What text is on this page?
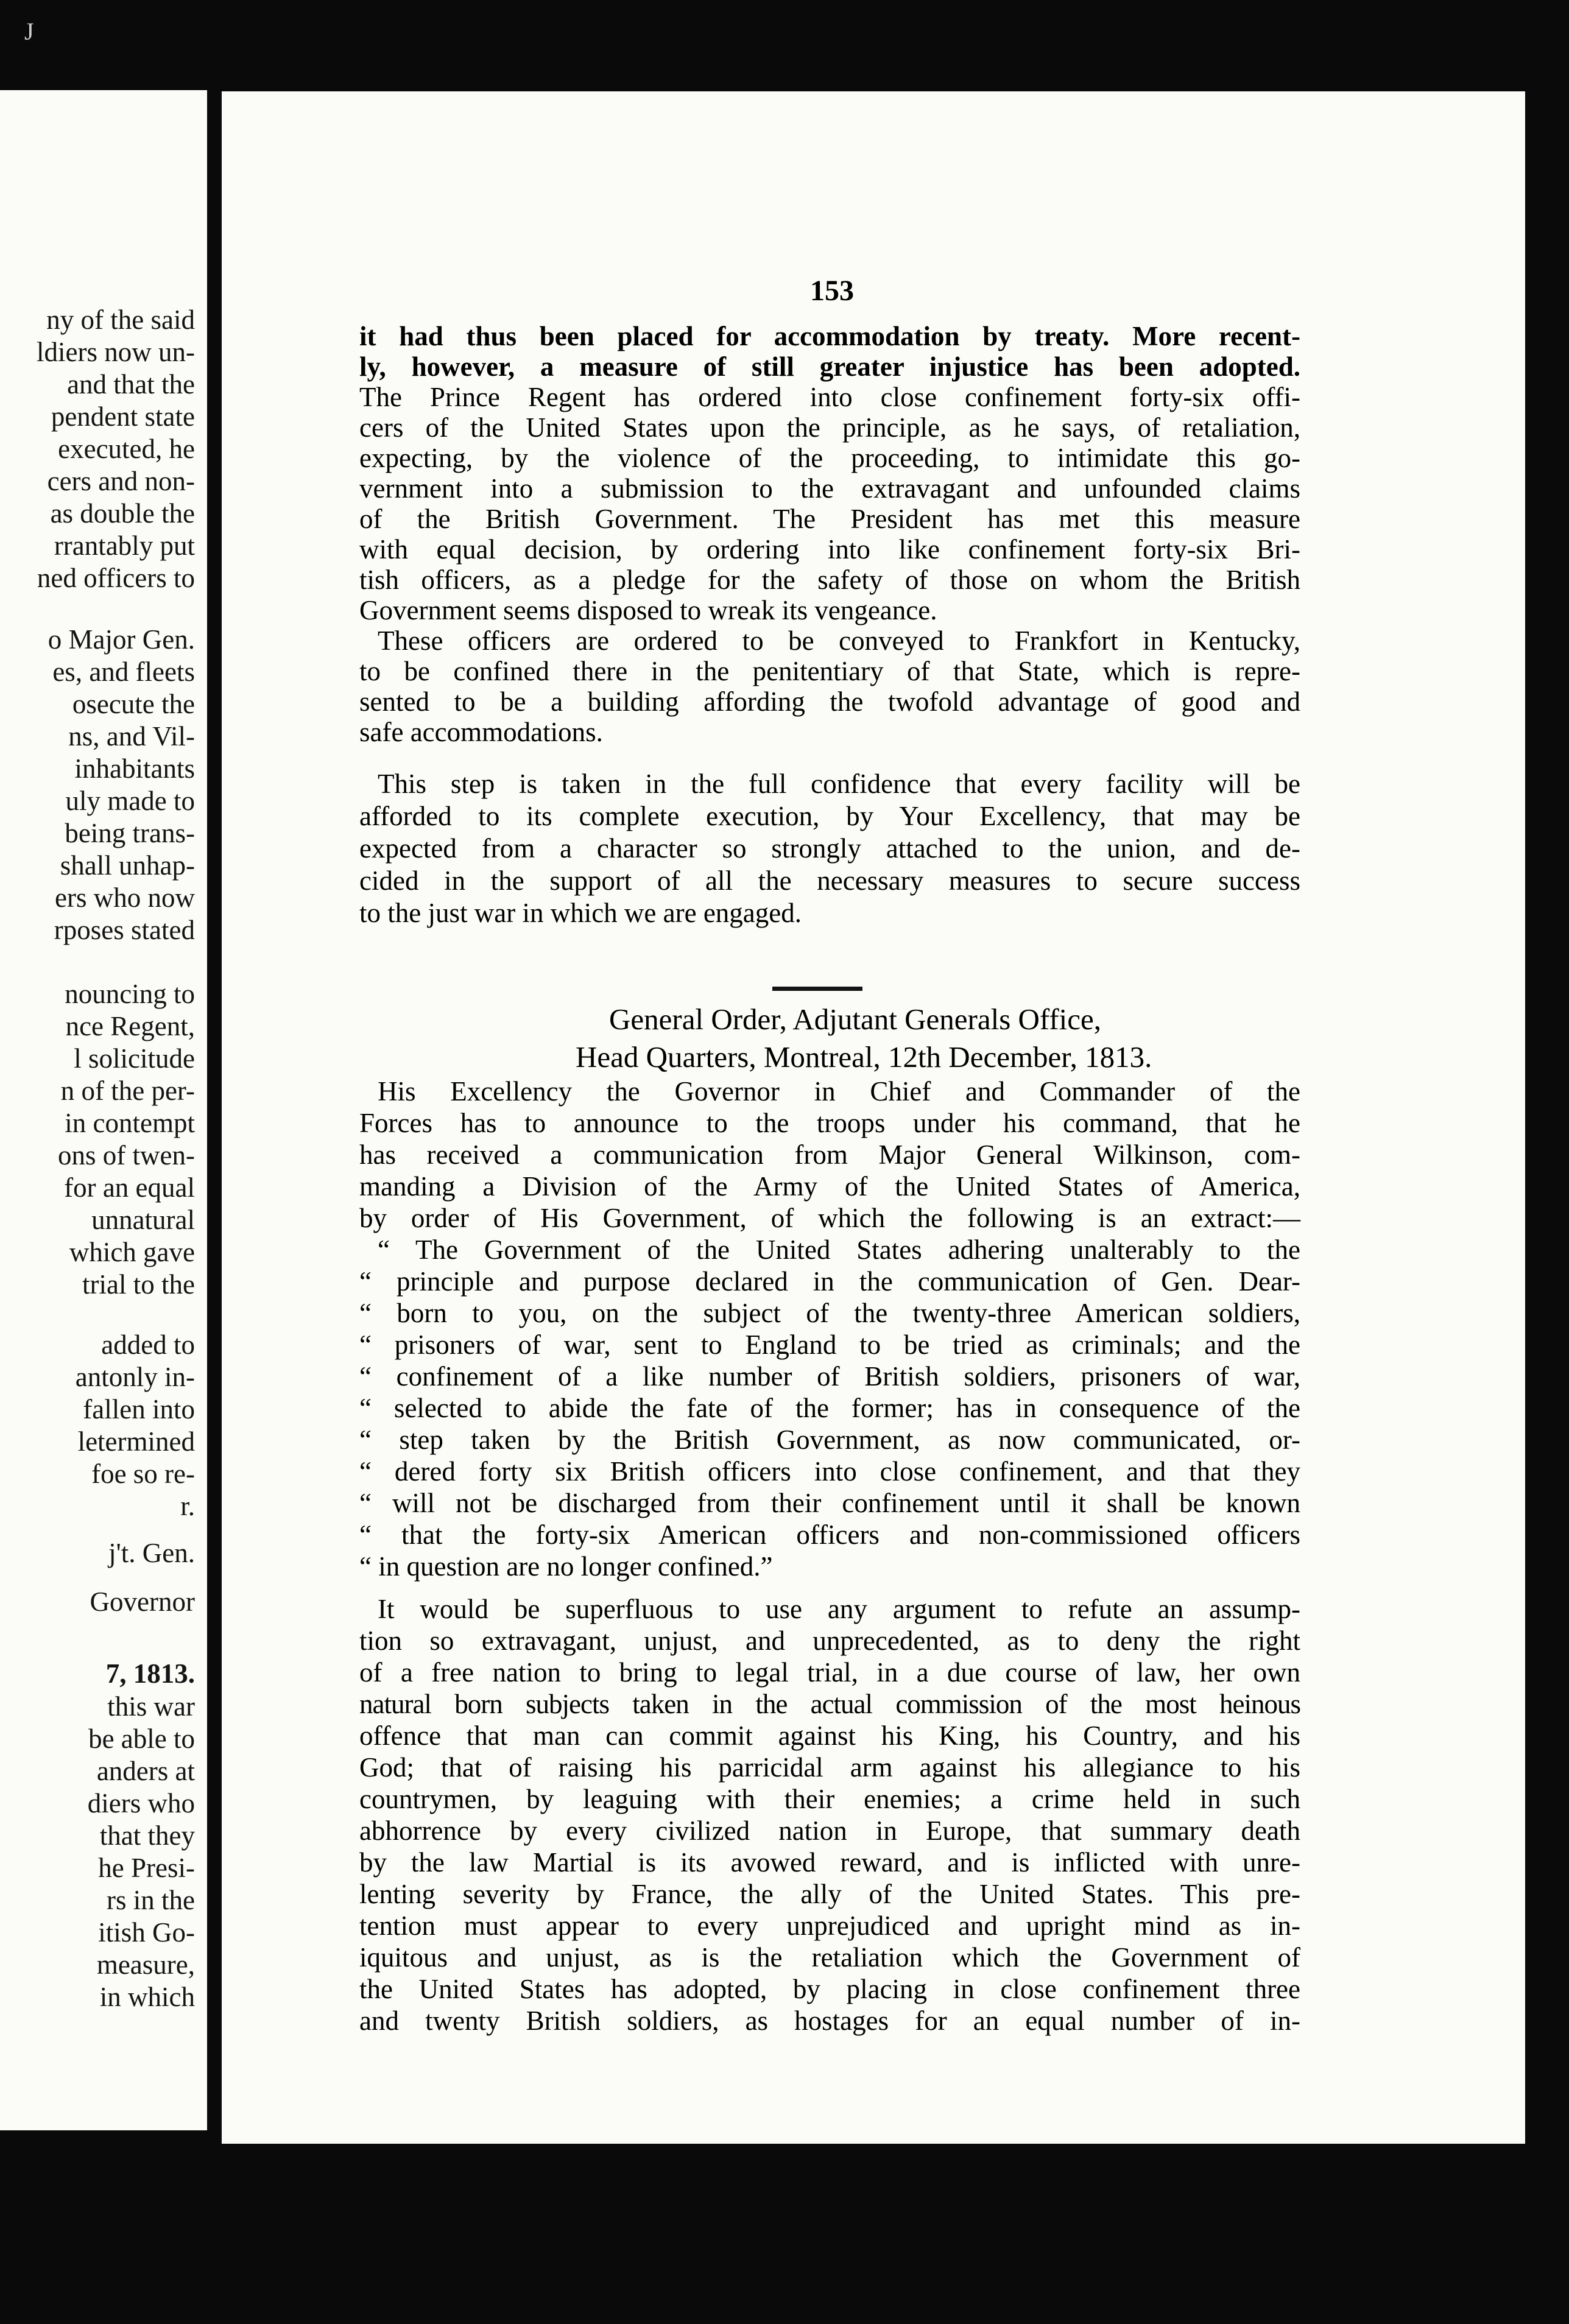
J
ny of the said
ldiers now un-
and that the
pendent state
executed, he
cers and non-
as double the
rrantably put
ned officers to
o Major Gen.
es, and fleets
osecute the
ns, and Vil-
inhabitants
uly made to
being trans-
shall unhap-
ers who now
rposes stated
nouncing to
nce Regent,
l solicitude
n of the per-
in contempt
ons of twen-
for an equal
unnatural
which gave
trial to the
added to
antonly in-
fallen into
letermined
foe so re-
r.
j't. Gen.
Governor
7, 1813.
this war
be able to
anders at
diers who
that they
he Presi-
rs in the
itish Go-
measure,
in which
153
it had thus been placed for accommodation by treaty. More recent-
ly, however, a measure of still greater injustice has been adopted.
The Prince Regent has ordered into close confinement forty-six offi-
cers of the United States upon the principle, as he says, of retaliation,
expecting, by the violence of the proceeding, to intimidate this go-
vernment into a submission to the extravagant and unfounded claims
of the British Government. The President has met this measure
with equal decision, by ordering into like confinement forty-six Bri-
tish officers, as a pledge for the safety of those on whom the British
Government seems disposed to wreak its vengeance.
These officers are ordered to be conveyed to Frankfort in Kentucky,
to be confined there in the penitentiary of that State, which is repre-
sented to be a building affording the twofold advantage of good and
safe accommodations.
This step is taken in the full confidence that every facility will be
afforded to its complete execution, by Your Excellency, that may be
expected from a character so strongly attached to the union, and de-
cided in the support of all the necessary measures to secure success
to the just war in which we are engaged.
General Order, Adjutant Generals Office,
Head Quarters, Montreal, 12th December, 1813.
His Excellency the Governor in Chief and Commander of the
Forces has to announce to the troops under his command, that he
has received a communication from Major General Wilkinson, com-
manding a Division of the Army of the United States of America,
by order of His Government, of which the following is an extract:—
“ The Government of the United States adhering unalterably to the
“ principle and purpose declared in the communication of Gen. Dear-
“ born to you, on the subject of the twenty-three American soldiers,
“ prisoners of war, sent to England to be tried as criminals; and the
“ confinement of a like number of British soldiers, prisoners of war,
“ selected to abide the fate of the former; has in consequence of the
“ step taken by the British Government, as now communicated, or-
“ dered forty six British officers into close confinement, and that they
“ will not be discharged from their confinement until it shall be known
“ that the forty-six American officers and non-commissioned officers
“ in question are no longer confined.”
It would be superfluous to use any argument to refute an assump-
tion so extravagant, unjust, and unprecedented, as to deny the right
of a free nation to bring to legal trial, in a due course of law, her own
natural born subjects taken in the actual commission of the most heinous
offence that man can commit against his King, his Country, and his
God; that of raising his parricidal arm against his allegiance to his
countrymen, by leaguing with their enemies; a crime held in such
abhorrence by every civilized nation in Europe, that summary death
by the law Martial is its avowed reward, and is inflicted with unre-
lenting severity by France, the ally of the United States. This pre-
tention must appear to every unprejudiced and upright mind as in-
iquitous and unjust, as is the retaliation which the Government of
the United States has adopted, by placing in close confinement three
and twenty British soldiers, as hostages for an equal number of in-
